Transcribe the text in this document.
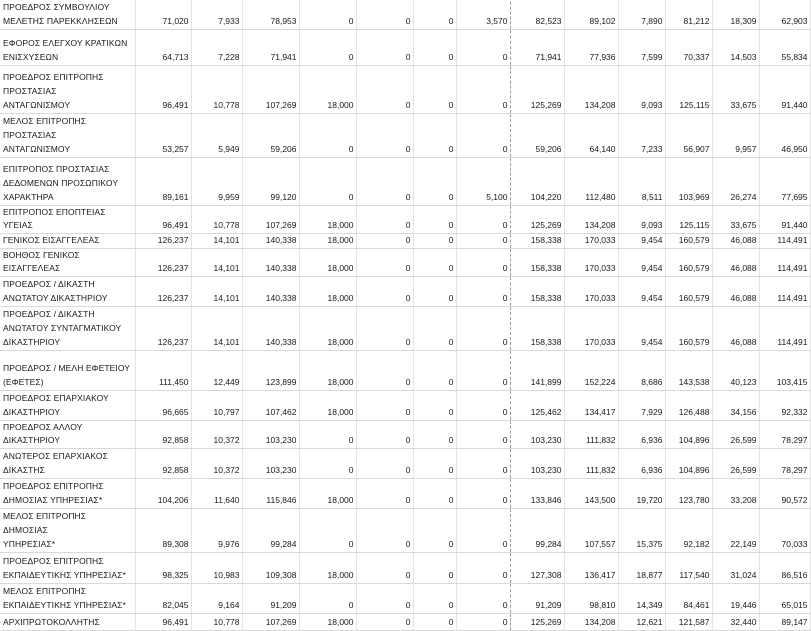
ΠΡΟΕΔΡΟΣ ΣΥΜΒΟΥΛΙΟΥ
ΜΕΛΕΤΗΣ ΠΑΡΕΚΚΛΗΣΕΩΝ	71,020	7,933	78,953	0	0	0	3,570	82,523	89,102	7,890	81,212	18,309	62,903

ΕΦΟΡΟΣ ΕΛΕΓΧΟΥ ΚΡΑΤΙΚΩΝ
ΕΝΙΣΧΥΣΕΩΝ	64,713	7,228	71,941	0	0	0	0	71,941	77,936	7,599	70,337	14,503	55,834

ΠΡΟΕΔΡΟΣ ΕΠΙΤΡΟΠΗΣ
ΠΡΟΣΤΑΣΙΑΣ
ΑΝΤΑΓΩΝΙΣΜΟΥ	96,491	10,778	107,269	18,000	0	0	0	125,269	134,208	9,093	125,115	33,675	91,440

ΜΕΛΟΣ ΕΠΙΤΡΟΠΗΣ
ΠΡΟΣΤΑΣΙΑΣ
ΑΝΤΑΓΩΝΙΣΜΟΥ	53,257	5,949	59,206	0	0	0	0	59,206	64,140	7,233	56,907	9,957	46,950

ΕΠΙΤΡΟΠΟΣ ΠΡΟΣΤΑΣΙΑΣ
ΔΕΔΟΜΕΝΩΝ ΠΡΟΣΩΠΙΚΟΥ
ΧΑΡΑΚΤΗΡΑ	89,161	9,959	99,120	0	0	0	5,100	104,220	112,480	8,511	103,969	26,274	77,695

ΕΠΙΤΡΟΠΟΣ ΕΠΟΠΤΕΙΑΣ ΥΓΕΙΑΣ	96,491	10,778	107,269	18,000	0	0	0	125,269	134,208	9,093	125,115	33,675	91,440

ΓΕΝΙΚΟΣ ΕΙΣΑΓΓΕΛΕΑΣ	126,237	14,101	140,338	18,000	0	0	0	158,338	170,033	9,454	160,579	46,088	114,491

ΒΟΗΘΟΣ ΓΕΝΙΚΟΣ ΕΙΣΑΓΓΕΛΕΑΣ	126,237	14,101	140,338	18,000	0	0	0	158,338	170,033	9,454	160,579	46,088	114,491

ΠΡΟΕΔΡΟΣ / ΔΙΚΑΣΤΗ
ΑΝΩΤΑΤΟΥ ΔΙΚΑΣΤΗΡΙΟΥ	126,237	14,101	140,338	18,000	0	0	0	158,338	170,033	9,454	160,579	46,088	114,491

ΠΡΟΕΔΡΟΣ / ΔΙΚΑΣΤΗ
ΑΝΩΤΑΤΟΥ ΣΥΝΤΑΓΜΑΤΙΚΟΥ
ΔΙΚΑΣΤΗΡΙΟΥ	126,237	14,101	140,338	18,000	0	0	0	158,338	170,033	9,454	160,579	46,088	114,491

ΠΡΟΕΔΡΟΣ / ΜΕΛΗ ΕΦΕΤΕΙΟΥ
(ΕΦΕΤΕΣ)	111,450	12,449	123,899	18,000	0	0	0	141,899	152,224	8,686	143,538	40,123	103,415

ΠΡΟΕΔΡΟΣ ΕΠΑΡΧΙΑΚΟΥ
ΔΙΚΑΣΤΗΡΙΟΥ	96,665	10,797	107,462	18,000	0	0	0	125,462	134,417	7,929	126,488	34,156	92,332

ΠΡΟΕΔΡΟΣ ΑΛΛΟΥ ΔΙΚΑΣΤΗΡΙΟΥ	92,858	10,372	103,230	0	0	0	0	103,230	111,832	6,936	104,896	26,599	78,297

ΑΝΩΤΕΡΟΣ ΕΠΑΡΧΙΑΚΟΣ
ΔΙΚΑΣΤΗΣ	92,858	10,372	103,230	0	0	0	0	103,230	111,832	6,936	104,896	26,599	78,297

ΠΡΟΕΔΡΟΣ ΕΠΙΤΡΟΠΗΣ
ΔΗΜΟΣΙΑΣ ΥΠΗΡΕΣΙΑΣ*	104,206	11,640	115,846	18,000	0	0	0	133,846	143,500	19,720	123,780	33,208	90,572

ΜΕΛΟΣ ΕΠΙΤΡΟΠΗΣ ΔΗΜΟΣΙΑΣ
ΥΠΗΡΕΣΙΑΣ*	89,308	9,976	99,284	0	0	0	0	99,284	107,557	15,375	92,182	22,149	70,033

ΠΡΟΕΔΡΟΣ ΕΠΙΤΡΟΠΗΣ
ΕΚΠΑΙΔΕΥΤΙΚΗΣ ΥΠΗΡΕΣΙΑΣ*	98,325	10,983	109,308	18,000	0	0	0	127,308	136,417	18,877	117,540	31,024	86,516

ΜΕΛΟΣ ΕΠΙΤΡΟΠΗΣ
ΕΚΠΑΙΔΕΥΤΙΚΗΣ ΥΠΗΡΕΣΙΑΣ*	82,045	9,164	91,209	0	0	0	0	91,209	98,810	14,349	84,461	19,446	65,015

ΑΡΧΙΠΡΩΤΟΚΟΛΛΗΤΗΣ	96,491	10,778	107,269	18,000	0	0	0	125,269	134,208	12,621	121,587	32,440	89,147
